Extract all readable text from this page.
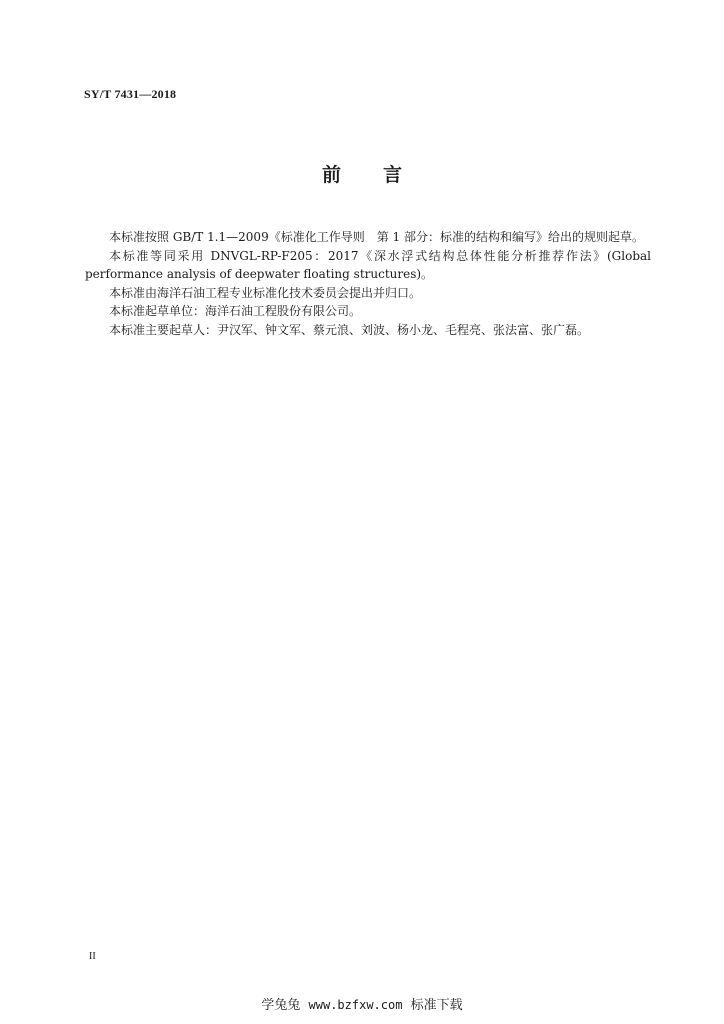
SY/T 7431—2018
前 言

本标准按照 GB/T 1.1—2009《标准化工作导则　第 1 部分：标准的结构和编写》给出的规则起草。

本标准等同采用 DNVGL-RP-F205：2017《深水浮式结构总体性能分析推荐作法》(Global performance analysis of deepwater floating structures)。

本标准由海洋石油工程专业标准化技术委员会提出并归口。

本标准起草单位：海洋石油工程股份有限公司。

本标准主要起草人：尹汉军、钟文军、蔡元浪、刘波、杨小龙、毛程亮、张法富、张广磊。

II
学兔兔 www.bzfxw.com 标准下载
